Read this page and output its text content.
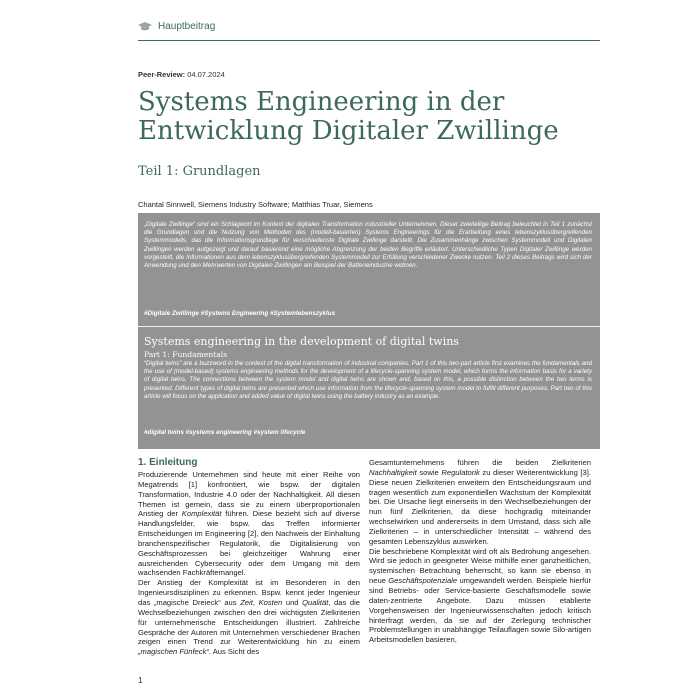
Hauptbeitrag
Peer-Review: 04.07.2024
Systems Engineering in der Entwicklung Digitaler Zwillinge
Teil 1: Grundlagen
Chantal Sinnwell, Siemens Industry Software; Matthias Truar, Siemens
„Digitale Zwillinge“ sind ein Schlagwort im Kontext der digitalen Transformation industrieller Unternehmen. Dieser zweiteilige Beitrag beleuchtet in Teil 1 zunächst die Grundlagen und die Nutzung von Methoden des (modell-basierten) Systems Engineerings für die Erarbeitung eines lebenszyklusübergreifenden Systemmodells, das die Informationsgrundlage für verschiedenste Digitale Zwillinge darstellt. Die Zusammenhänge zwischen Systemmodell und Digitalen Zwillingen werden aufgezeigt und darauf basierend eine mögliche Abgrenzung der beiden Begriffe erläutert. Unterschiedliche Typen Digitaler Zwillinge werden vorgestellt, die Informationen aus dem lebenszyklusübergreifenden Systemmodell zur Erfüllung verschiedener Zwecke nutzen. Teil 2 dieses Beitrags wird sich der Anwendung und den Mehrwerten von Digitalen Zwillingen am Beispiel der Batterieindustrie widmen.
#Digitale Zwillinge #Systems Engineering #Systemlebenszyklus
Systems engineering in the development of digital twins
Part 1: Fundamentals
“Digital twins” are a buzzword in the context of the digital transformation of industrial companies. Part 1 of this two-part article first examines the fundamentals and the use of (model-based) systems engineering methods for the development of a lifecycle-spanning system model, which forms the information basis for a variety of digital twins. The connections between the system model and digital twins are shown and, based on this, a possible distinction between the two terms is presented. Different types of digital twins are presented which use information from the lifecycle-spanning system model to fulfill different purposes. Part two of this article will focus on the application and added value of digital twins using the battery industry as an example.
#digital twins #systems engineering #system lifecycle
1. Einleitung

Produzierende Unternehmen sind heute mit einer Reihe von Megatrends [1] konfrontiert, wie bspw. der digitalen Transformation, Industrie 4.0 oder der Nachhaltigkeit. All diesen Themen ist gemein, dass sie zu einem überproportionalen Anstieg der Komplexität führen. Diese bezieht sich auf diverse Handlungsfelder, wie bspw. das Treffen informierter Entscheidungen im Engineering [2], den Nachweis der Einhaltung branchenspezifischer Regulatorik, die Digitalisierung von Geschäftsprozessen bei gleichzeitiger Wahrung einer ausreichenden Cybersecurity oder dem Umgang mit dem wachsenden Fachkräftemangel.

Der Anstieg der Komplexität ist im Besonderen in den Ingenieursdisziplinen zu erkennen. Bspw. kennt jeder Ingenieur das „magische Dreieck“ aus Zeit, Kosten und Qualität, das die Wechselbeziehungen zwischen den drei wichtigsten Zielkriterien für unternehmerische Entscheidungen illustriert. Zahlreiche Gespräche der Autoren mit Unternehmen verschiedener Brachen zeigen einen Trend zur Weiterentwicklung hin zu einem „magischen Fünfeck“. Aus Sicht des

Gesamtunternehmens führen die beiden Zielkriterien Nachhaltigkeit sowie Regulatorik zu dieser Weiterentwicklung [3]. Diese neuen Zielkriterien erweitern den Entscheidungsraum und tragen wesentlich zum exponentiellen Wachstum der Komplexität bei. Die Ursache liegt einerseits in den Wechselbeziehungen der nun fünf Zielkriterien, da diese hochgradig miteinander wechselwirken und andererseits in dem Umstand, dass sich alle Zielkriterien – in unterschiedlicher Intensität – während des gesamten Lebenszyklus auswirken.

Die beschriebene Komplexität wird oft als Bedrohung angesehen. Wird sie jedoch in geeigneter Weise mithilfe einer ganzheitlichen, systemischen Betrachtung beherrscht, so kann sie ebenso in neue Geschäftspotenziale umgewandelt werden. Beispiele hierfür sind Betriebs- oder Service-basierte Geschäftsmodelle sowie daten-zentrierte Angebote. Dazu müssen etablierte Vorgehensweisen der Ingenieurwissenschaften jedoch kritisch hinterfragt werden, da sie auf der Zerlegung technischer Problemstellungen in unabhängige Teilauflagen sowie Silo-artigen Arbeitsmodellen basieren,

1
